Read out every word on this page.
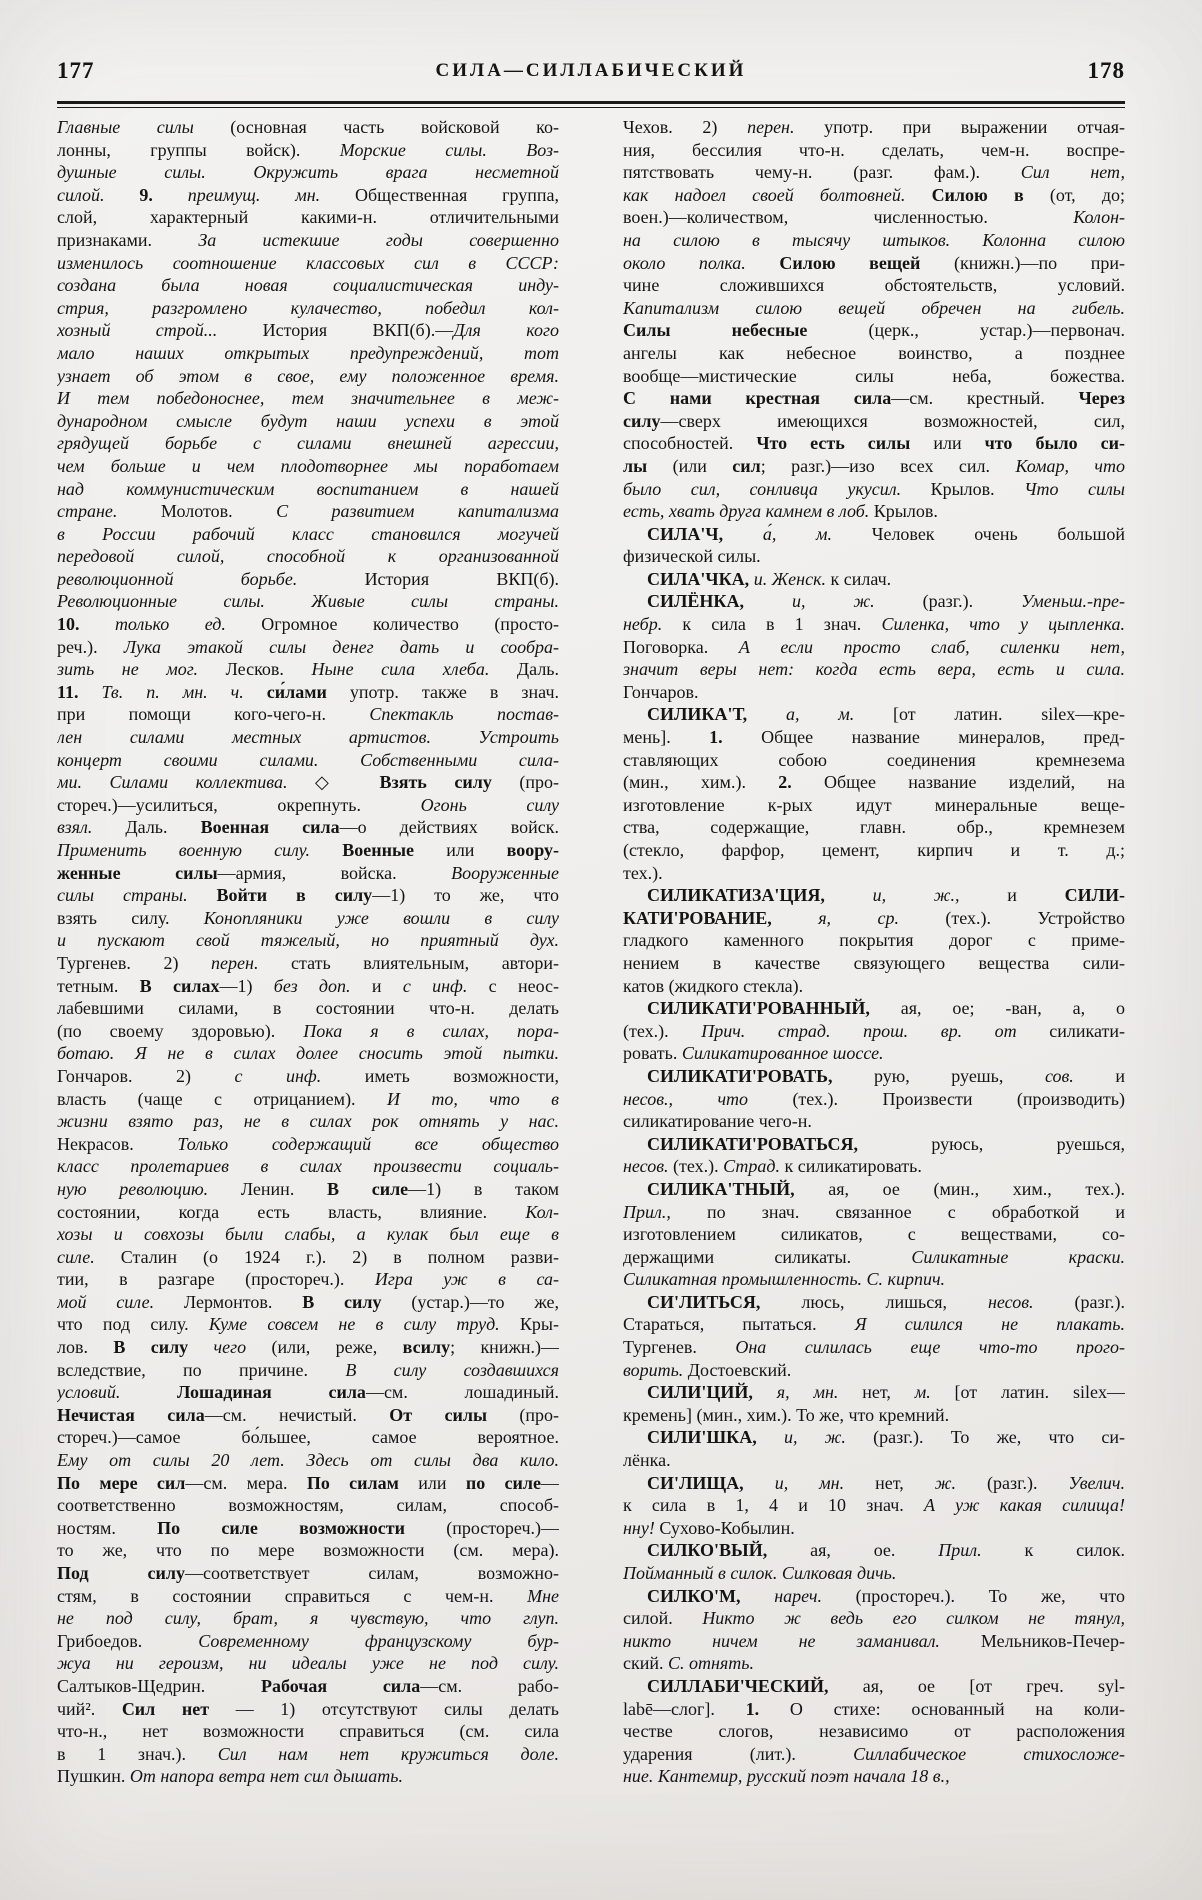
177	СИЛА—СИЛЛАБИЧЕСКИЙ	178
Главные силы (основная часть войсковой ко-
лонны, группы войск). Морские силы. Воз-
душные силы. Окружить врага несметной
силой. 9. преимущ. мн. Общественная группа,
слой, характерный какими-н. отличительными
признаками. За истекшие годы совершенно
изменилось соотношение классовых сил в СССР:
создана была новая социалистическая инду-
стрия, разгромлено кулачество, победил кол-
хозный строй... История ВКП(б).—Для кого
мало наших открытых предупреждений, тот
узнает об этом в свое, ему положенное время.
И тем победоноснее, тем значительнее в меж-
дународном смысле будут наши успехи в этой
грядущей борьбе с силами внешней агрессии,
чем больше и чем плодотворнее мы поработаем
над коммунистическим воспитанием в нашей
стране. Молотов. С развитием капитализма
в России рабочий класс становился могучей
передовой силой, способной к организованной
революционной борьбе. История ВКП(б).
Революционные силы. Живые силы страны.
10. только ед. Огромное количество (просто-
реч.). Лука этакой силы денег дать и сообра-
зить не мог. Лесков. Ныне сила хлеба. Даль.
11. Тв. п. мн. ч. си́лами употр. также в знач.
при помощи кого-чего-н. Спектакль постав-
лен силами местных артистов. Устроить
концерт своими силами. Собственными сила-
ми. Силами коллектива. ◇ Взять силу (про-
стореч.)—усилиться, окрепнуть. Огонь силу
взял. Даль. Военная сила—о действиях войск.
Применить военную силу. Военные или воору-
женные силы—армия, войска. Вооруженные
силы страны. Войти в силу—1) то же, что
взять силу. Конопляники уже вошли в силу
и пускают свой тяжелый, но приятный дух.
Тургенев. 2) перен. стать влиятельным, автори-
тетным. В силах—1) без доп. и с инф. с неос-
лабевшими силами, в состоянии что-н. делать
(по своему здоровью). Пока я в силах, пора-
ботаю. Я не в силах долее сносить этой пытки.
Гончаров. 2) с инф. иметь возможности,
власть (чаще с отрицанием). И то, что в
жизни взято раз, не в силах рок отнять у нас.
Некрасов. Только содержащий все общество
класс пролетариев в силах произвести социаль-
ную революцию. Ленин. В силе—1) в таком
состоянии, когда есть власть, влияние. Кол-
хозы и совхозы были слабы, а кулак был еще в
силе. Сталин (о 1924 г.). 2) в полном разви-
тии, в разгаре (простореч.). Игра уж в са-
мой силе. Лермонтов. В силу (устар.)—то же,
что под силу. Куме совсем не в силу труд. Кры-
лов. В силу чего (или, реже, всилу; книжн.)—
вследствие, по причине. В силу создавшихся
условий. Лошадиная сила—см. лошадиный.
Нечистая сила—см. нечистый. От силы (про-
стореч.)—самое бо́льшее, самое вероятное.
Ему от силы 20 лет. Здесь от силы два кило.
По мере сил—см. мера. По силам или по силе—
соответственно возможностям, силам, способ-
ностям. По силе возможности (простореч.)—
то же, что по мере возможности (см. мера).
Под силу—соответствует силам, возможно-
стям, в состоянии справиться с чем-н. Мне
не под силу, брат, я чувствую, что глуп.
Грибоедов. Современному французскому бур-
жуа ни героизм, ни идеалы уже не под силу.
Салтыков-Щедрин. Рабочая сила—см. рабо-
чий². Сил нет — 1) отсутствуют силы делать
что-н., нет возможности справиться (см. сила
в 1 знач.). Сил нам нет кружиться доле.
Пушкин. От напора ветра нет сил дышать.
Чехов. 2) перен. употр. при выражении отчая-
ния, бессилия что-н. сделать, чем-н. воспре-
пятствовать чему-н. (разг. фам.). Сил нет,
как надоел своей болтовней. Силою в (от, до;
воен.)—количеством, численностью. Колон-
на силою в тысячу штыков. Колонна силою
около полка. Силою вещей (книжн.)—по при-
чине сложившихся обстоятельств, условий.
Капитализм силою вещей обречен на гибель.
Силы небесные (церк., устар.)—первонач.
ангелы как небесное воинство, а позднее
вообще—мистические силы неба, божества.
С нами крестная сила—см. крестный. Через
силу—сверх имеющихся возможностей, сил,
способностей. Что есть силы или что было си-
лы (или сил; разг.)—изо всех сил. Комар, что
было сил, сонливца укусил. Крылов. Что силы
есть, хвать друга камнем в лоб. Крылов.
СИЛА'Ч, а́, м. Человек очень большой
физической силы.
СИЛА'ЧКА, и. Женск. к силач.
СИЛЁНКА, и, ж. (разг.). Уменьш.-пре-
небр. к сила в 1 знач. Силенка, что у цыпленка.
Поговорка. А если просто слаб, силенки нет,
значит веры нет: когда есть вера, есть и сила.
Гончаров.
СИЛИКА'Т, а, м. [от латин. silex—кре-
мень]. 1. Общее название минералов, пред-
ставляющих собою соединения кремнезема
(мин., хим.). 2. Общее название изделий, на
изготовление к-рых идут минеральные веще-
ства, содержащие, главн. обр., кремнезем
(стекло, фарфор, цемент, кирпич и т. д.;
тех.).
СИЛИКАТИЗА'ЦИЯ, и, ж., и СИЛИ-
КАТИ'РОВАНИЕ, я, ср. (тех.). Устройство
гладкого каменного покрытия дорог с приме-
нением в качестве связующего вещества сили-
катов (жидкого стекла).
СИЛИКАТИ'РОВАННЫЙ, ая, ое; -ван, а, о
(тех.). Прич. страд. прош. вр. от силикати-
ровать. Силикатированное шоссе.
СИЛИКАТИ'РОВАТЬ, рую, руешь, сов. и
несов., что (тех.). Произвести (производить)
силикатирование чего-н.
СИЛИКАТИ'РОВАТЬСЯ, руюсь, руешься,
несов. (тех.). Страд. к силикатировать.
СИЛИКА'ТНЫЙ, ая, ое (мин., хим., тех.).
Прил., по знач. связанное с обработкой и
изготовлением силикатов, с веществами, со-
держащими силикаты. Силикатные краски.
Силикатная промышленность. С. кирпич.
СИ'ЛИТЬСЯ, люсь, лишься, несов. (разг.).
Стараться, пытаться. Я силился не плакать.
Тургенев. Она силилась еще что-то прого-
ворить. Достоевский.
СИЛИ'ЦИЙ, я, мн. нет, м. [от латин. silex—
кремень] (мин., хим.). То же, что кремний.
СИЛИ'ШКА, и, ж. (разг.). То же, что си-
лёнка.
СИ'ЛИЩА, и, мн. нет, ж. (разг.). Увелич.
к сила в 1, 4 и 10 знач. А уж какая силища!
нну! Сухово-Кобылин.
СИЛКО'ВЫЙ, ая, ое. Прил. к силок.
Пойманный в силок. Силковая дичь.
СИЛКО'М, нареч. (простореч.). То же, что
силой. Никто ж ведь его силком не тянул,
никто ничем не заманивал. Мельников-Печер-
ский. С. отнять.
СИЛЛАБИ'ЧЕСКИЙ, ая, ое [от греч. syl-
labē—слог]. 1. О стихе: основанный на коли-
честве слогов, независимо от расположения
ударения (лит.). Силлабическое стихосложе-
ние. Кантемир, русский поэт начала 18 в.,
